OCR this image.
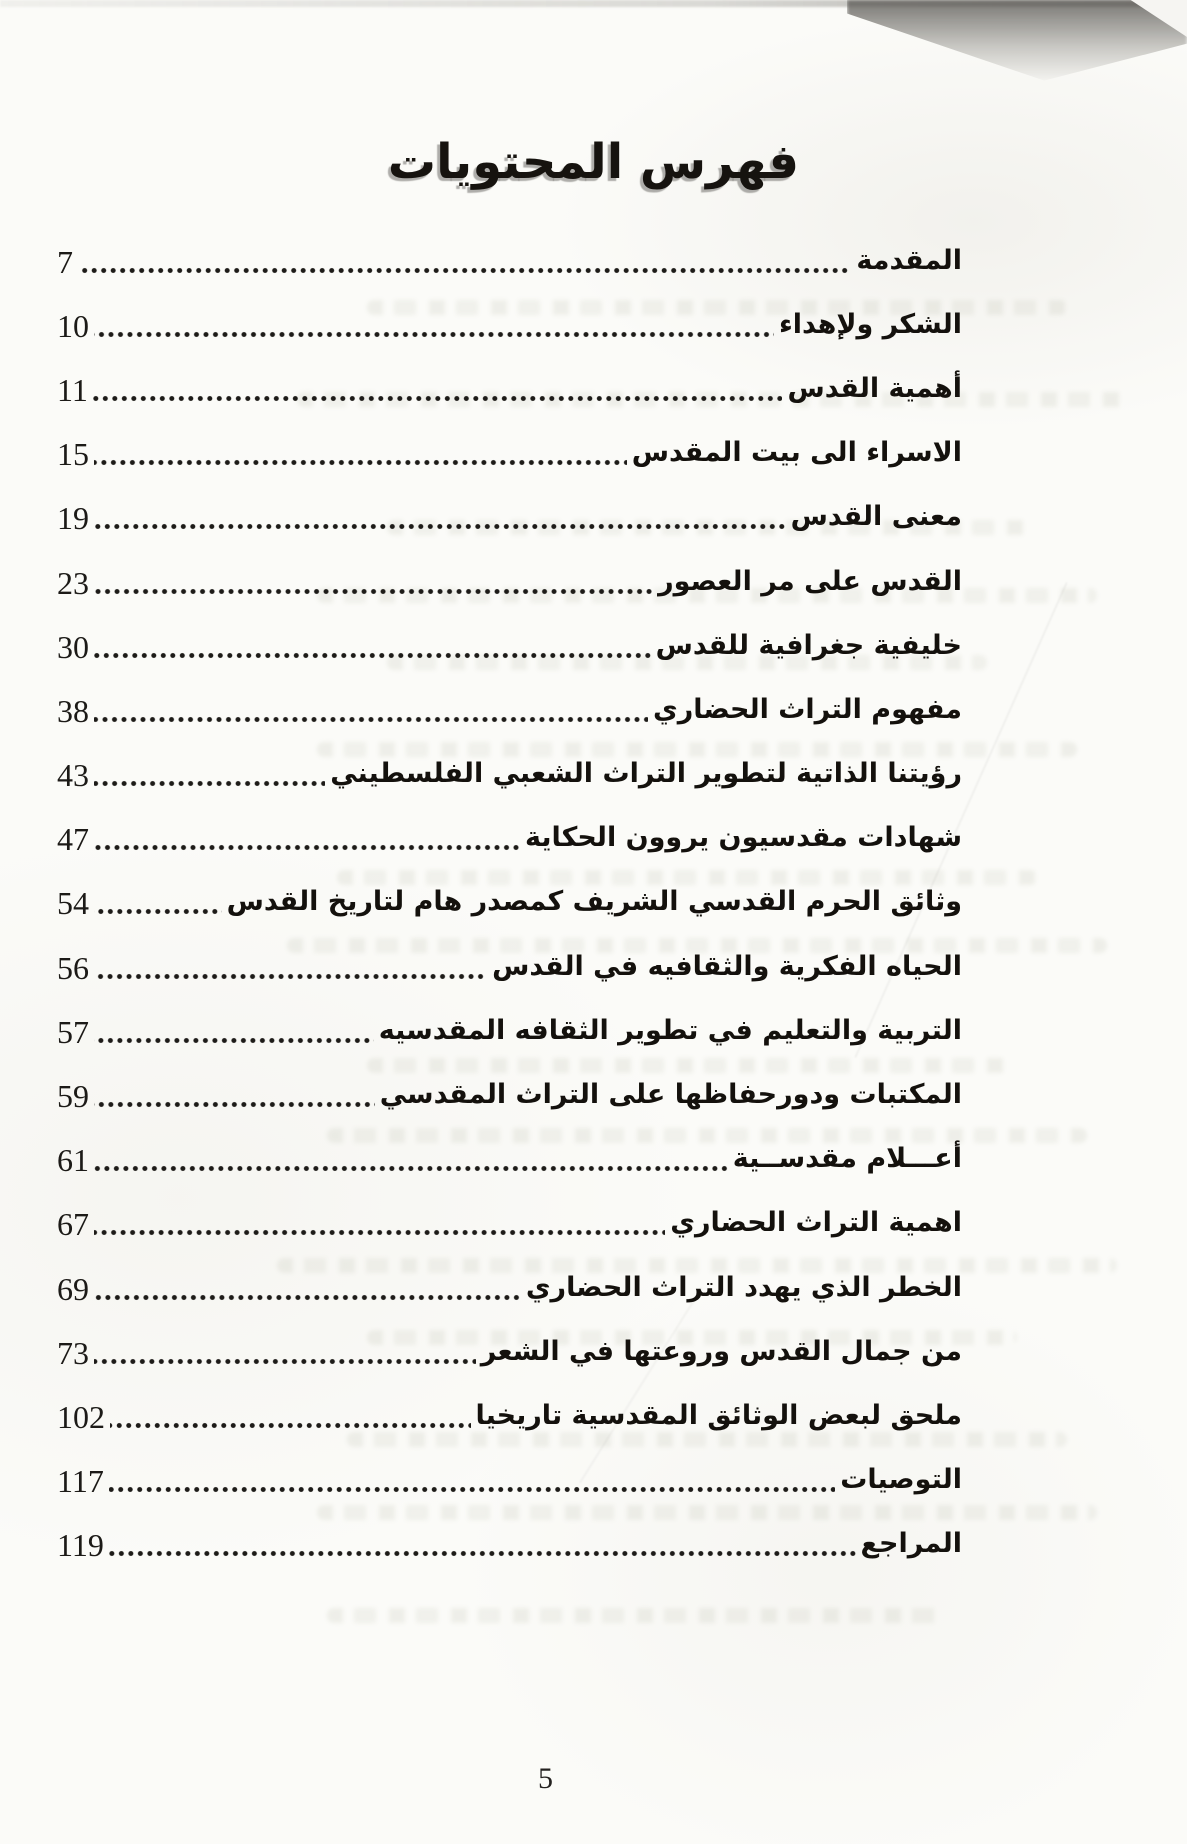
فهرس المحتويات
المقدمة
7
الشكر ولإهداء
10
أهمية القدس
11
الاسراء الى بيت المقدس
15
معنى القدس
19
القدس على مر العصور
23
خليفية جغرافية للقدس
30
مفهوم التراث الحضاري
38
رؤيتنا الذاتية لتطوير التراث الشعبي الفلسطيني
43
شهادات مقدسيون يروون الحكاية
47
وثائق الحرم القدسي الشريف كمصدر هام لتاريخ القدس
54
الحياه الفكرية والثقافيه في القدس
56
التربية والتعليم في تطوير الثقافه المقدسيه
57
المكتبات ودورحفاظها على التراث المقدسي
59
أعـــلام مقدســية
61
اهمية التراث الحضاري
67
الخطر الذي يهدد التراث الحضاري
69
من جمال القدس وروعتها في الشعر
73
ملحق لبعض الوثائق المقدسية تاريخيا
102
التوصيات
117
المراجع
119
5
